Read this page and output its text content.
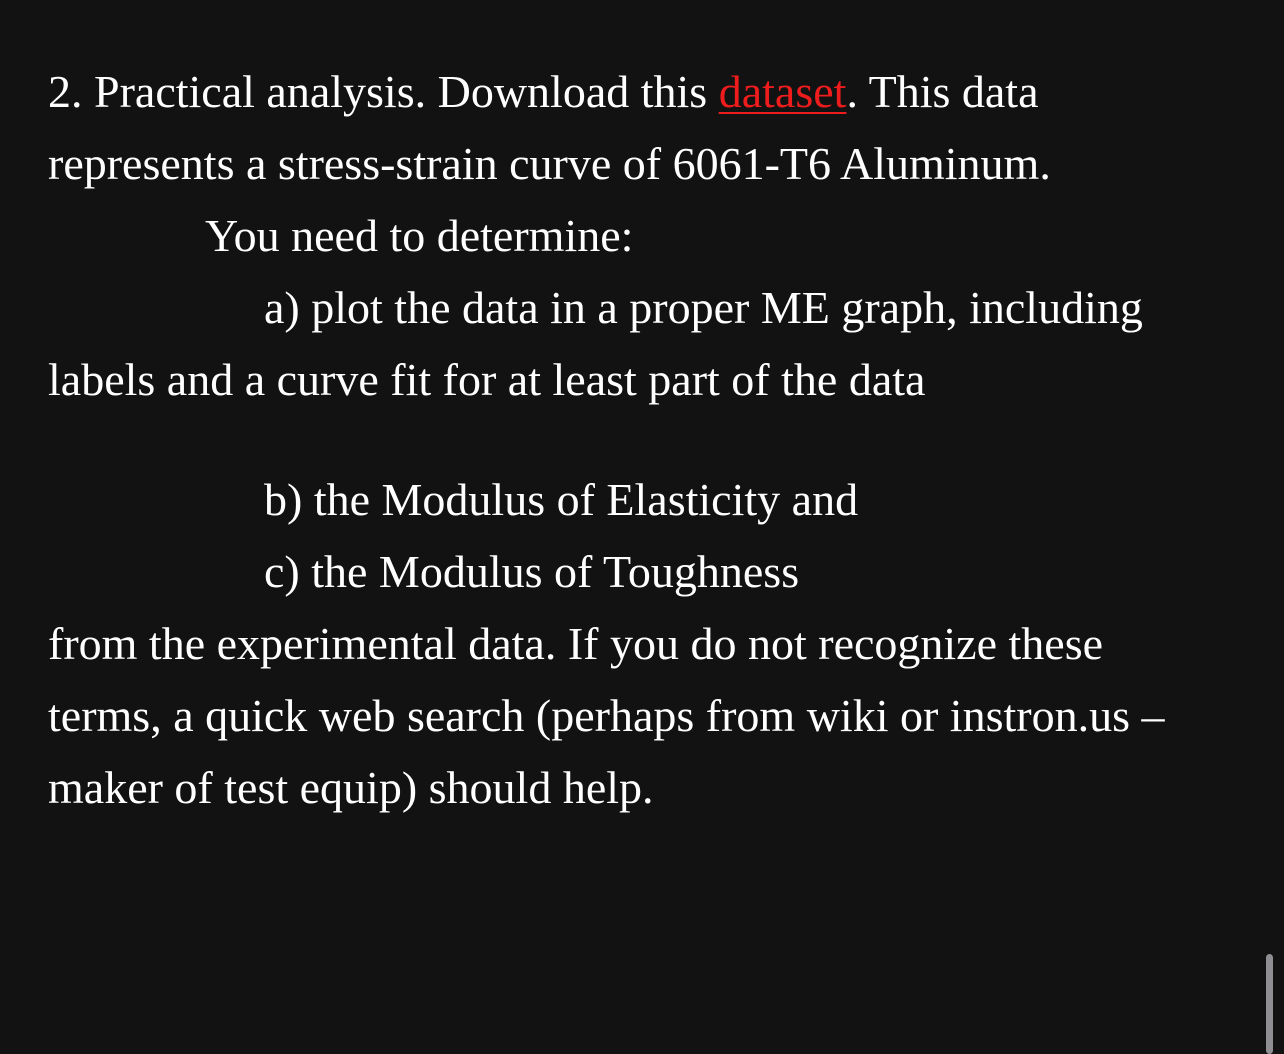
2. Practical analysis. Download this dataset. This data
represents a stress-strain curve of 6061-T6 Aluminum.
You need to determine:
a) plot the data in a proper ME graph, including
labels and a curve fit for at least part of the data
b) the Modulus of Elasticity and
c) the Modulus of Toughness
from the experimental data. If you do not recognize these
terms, a quick web search (perhaps from wiki or instron.us –
maker of test equip) should help.
